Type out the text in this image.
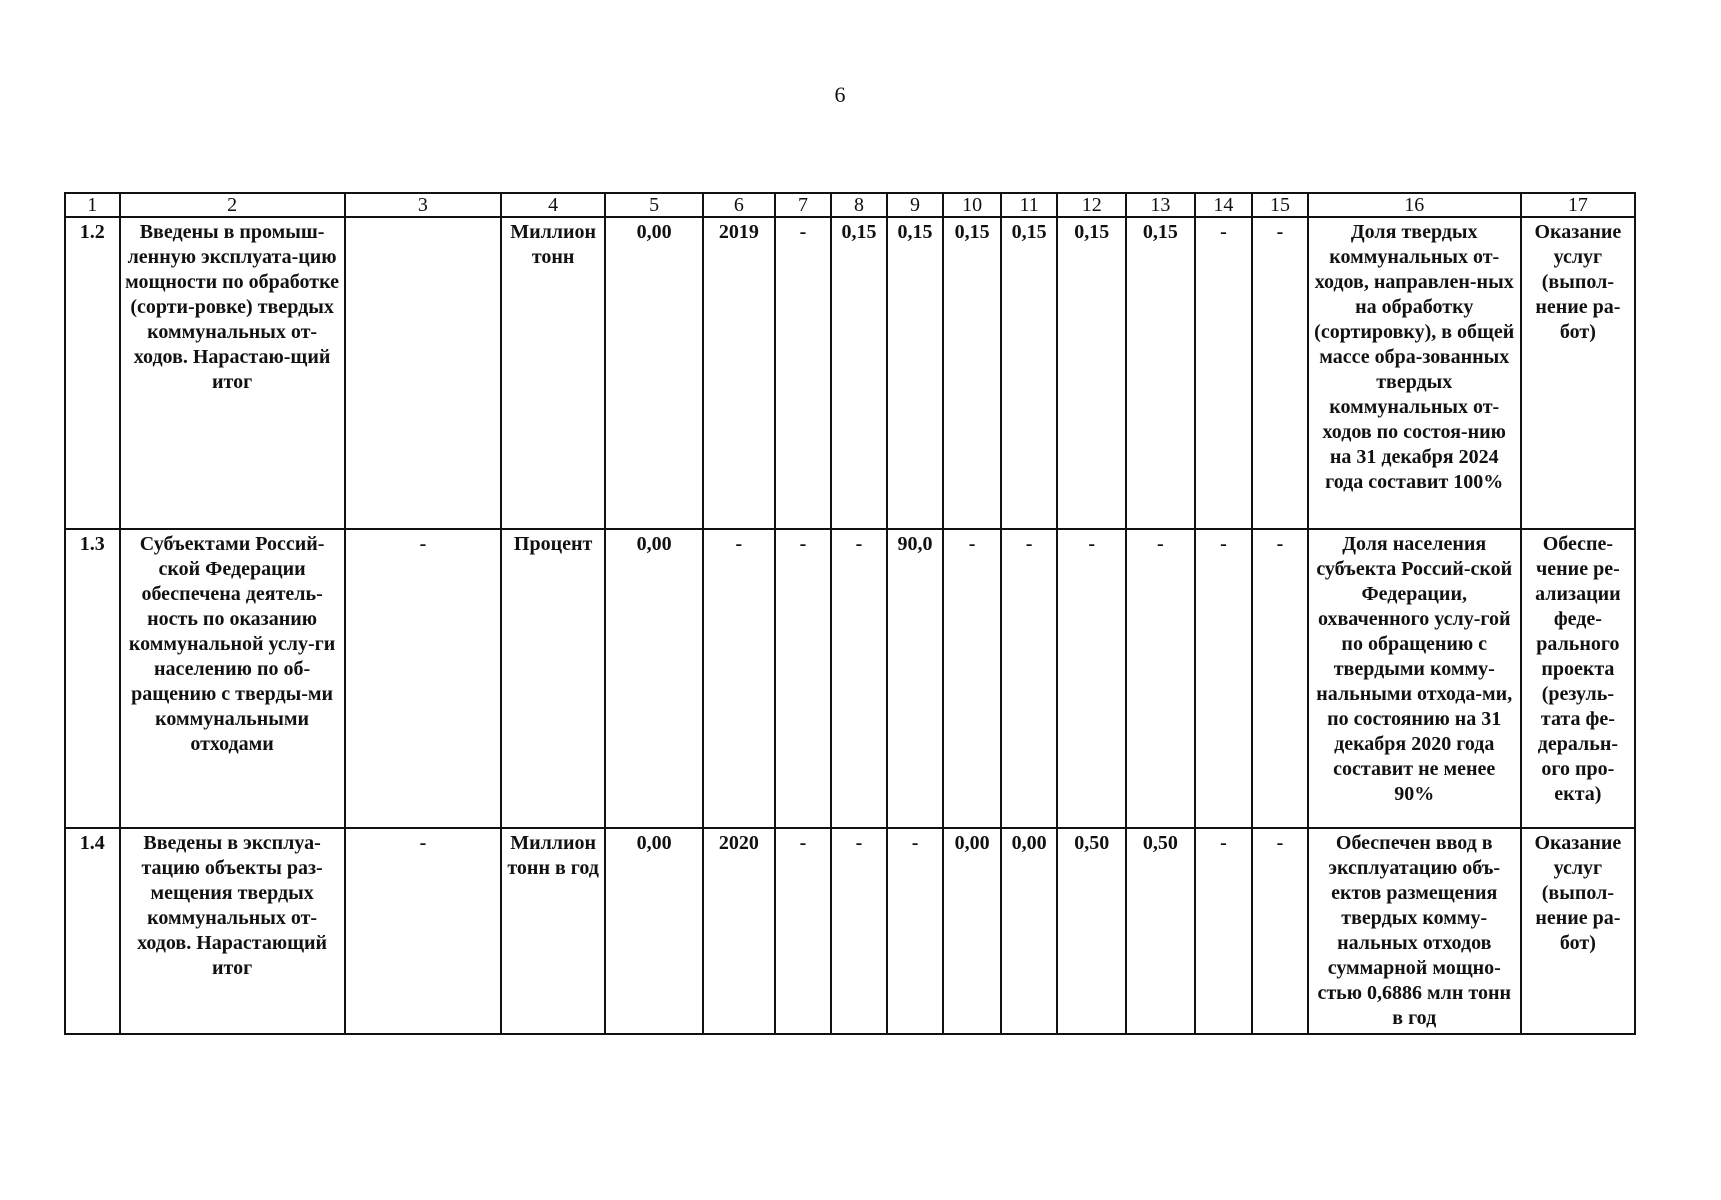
6
1	2	3	4	5	6	7	8	9	10	11	12	13	14	15	16	17
1.2	Введены в промыш-ленную эксплуата-цию мощности по обработке (сорти-ровке) твердых коммунальных от-ходов. Нарастаю-щий итог		Миллион тонн	0,00	2019	-	0,15	0,15	0,15	0,15	0,15	0,15	-	-	Доля твердых коммунальных от-ходов, направлен-ных на обработку (сортировку), в общей массе обра-зованных твердых коммунальных от-ходов по состоя-нию на 31 декабря 2024 года составит 100%	Оказание услуг (выпол-нение ра-бот)
1.3	Субъектами Россий-ской Федерации обеспечена деятель-ность по оказанию коммунальной услу-ги населению по об-ращению с тверды-ми коммунальными отходами	-	Процент	0,00	-	-	-	90,0	-	-	-	-	-	-	Доля населения субъекта Россий-ской Федерации, охваченного услу-гой по обращению с твердыми комму-нальными отхода-ми, по состоянию на 31 декабря 2020 года составит не менее 90%	Обеспе-чение ре-ализации феде-рального проекта (резуль-тата фе-деральн-ого про-екта)
1.4	Введены в эксплуа-тацию объекты раз-мещения твердых коммунальных от-ходов. Нарастающий итог	-	Миллион тонн в год	0,00	2020	-	-	-	0,00	0,00	0,50	0,50	-	-	Обеспечен ввод в эксплуатацию объ-ектов размещения твердых комму-нальных отходов суммарной мощно-стью 0,6886 млн тонн в год	Оказание услуг (выпол-нение ра-бот)
